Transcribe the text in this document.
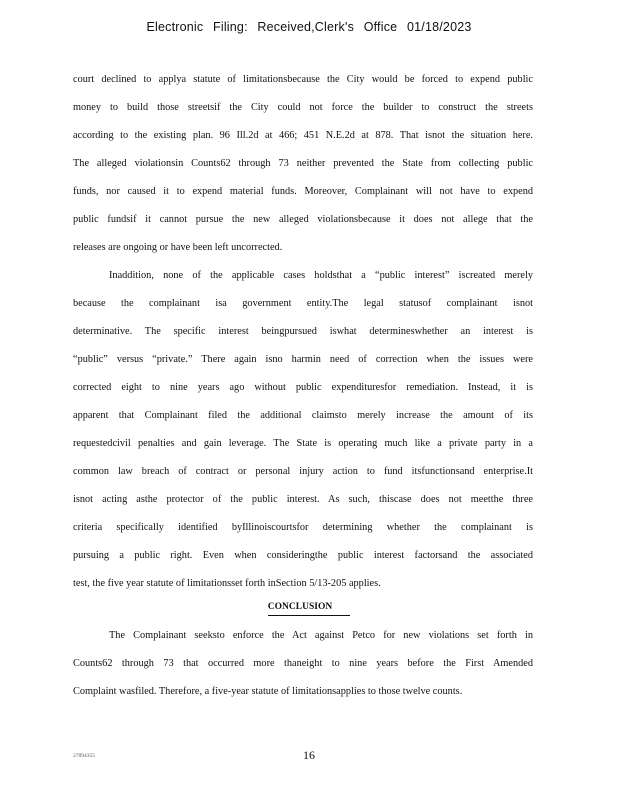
Electronic Filing: Received,Clerk's Office 01/18/2023
court declined to applya statute of limitationsbecause the City would be forced to expend public
money to build those streetsif the City could not force the builder to construct the streets
according to the existing plan. 96 Ill.2d at 466; 451 N.E.2d at 878. That isnot the situation here.
The alleged violationsin Counts62 through 73 neither prevented the State from collecting public
funds, nor caused it to expend material funds. Moreover, Complainant will not have to expend
public fundsif it cannot pursue the new alleged violationsbecause it does not allege that the
releases are ongoing or have been left uncorrected.
Inaddition, none of the applicable cases holdsthat a “public interest” iscreated merely
because the complainant isa government entity.The legal statusof complainant isnot
determinative. The specific interest beingpursued iswhat determineswhether an interest is
“public” versus “private.” There again isno harmin need of correction when the issues were
corrected eight to nine years ago without public expendituresfor remediation. Instead, it is
apparent that Complainant filed the additional claimsto merely increase the amount of its
requestedcivil penalties and gain leverage. The State is operating much like a private party in a
common law breach of contract or personal injury action to fund itsfunctionsand enterprise.It
isnot acting asthe protector of the public interest. As such, thiscase does not meetthe three
criteria specifically identified byIllinoiscourtsfor determining whether the complainant is
pursuing a public right. Even when consideringthe public interest factorsand the associated
test, the five year statute of limitationsset forth inSection 5/13-205 applies.
CONCLUSION
The Complainant seeksto enforce the Act against Petco for new violations set forth in
Counts62 through 73 that occurred more thaneight to nine years before the First Amended
Complaint wasfiled. Therefore, a five-year statute of limitationsapplies to those twelve counts.
27894355	16
